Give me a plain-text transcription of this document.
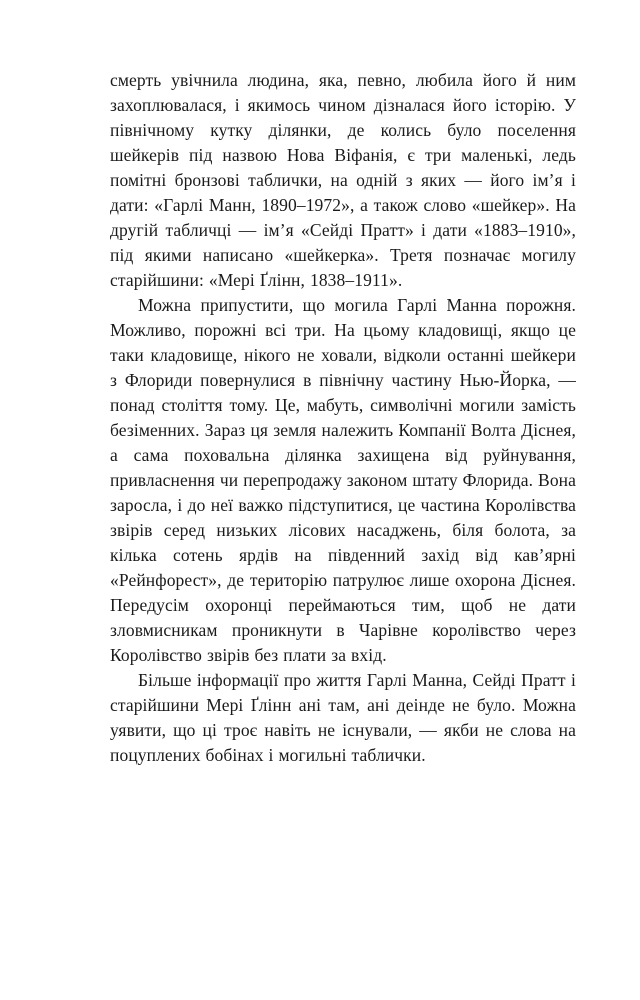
смерть увічнила людина, яка, певно, любила його й ним захоплювалася, і якимось чином дізналася його історію. У північному кутку ділянки, де колись було поселення шейкерів під назвою Нова Віфанія, є три маленькі, ледь помітні бронзові таблички, на одній з яких — його ім’я і дати: «Гарлі Манн, 1890–1972», а також слово «шейкер». На другій табличці — ім’я «Сейді Пратт» і дати «1883–1910», під якими написано «шейкерка». Третя позначає могилу старійшини: «Мері Ґлінн, 1838–1911».

Можна припустити, що могила Гарлі Манна порожня. Можливо, порожні всі три. На цьому кладовищі, якщо це таки кладовище, нікого не ховали, відколи останні шейкери з Флориди повернулися в північну частину Нью-Йорка, — понад століття тому. Це, мабуть, символічні могили замість безіменних. Зараз ця земля належить Компанії Волта Діснея, а сама поховальна ділянка захищена від руйнування, привласнення чи перепродажу законом штату Флорида. Вона заросла, і до неї важко підступитися, це частина Королівства звірів серед низьких лісових насаджень, біля болота, за кілька сотень ярдів на південний захід від кав’ярні «Рейнфорест», де територію патрулює лише охорона Діснея. Передусім охоронці переймаються тим, щоб не дати зловмисникам проникнути в Чарівне королівство через Королівство звірів без плати за вхід.

Більше інформації про життя Гарлі Манна, Сейді Пратт і старійшини Мері Ґлінн ані там, ані деінде не було. Можна уявити, що ці троє навіть не існували, — якби не слова на поцуплених бобінах і могильні таблички.
